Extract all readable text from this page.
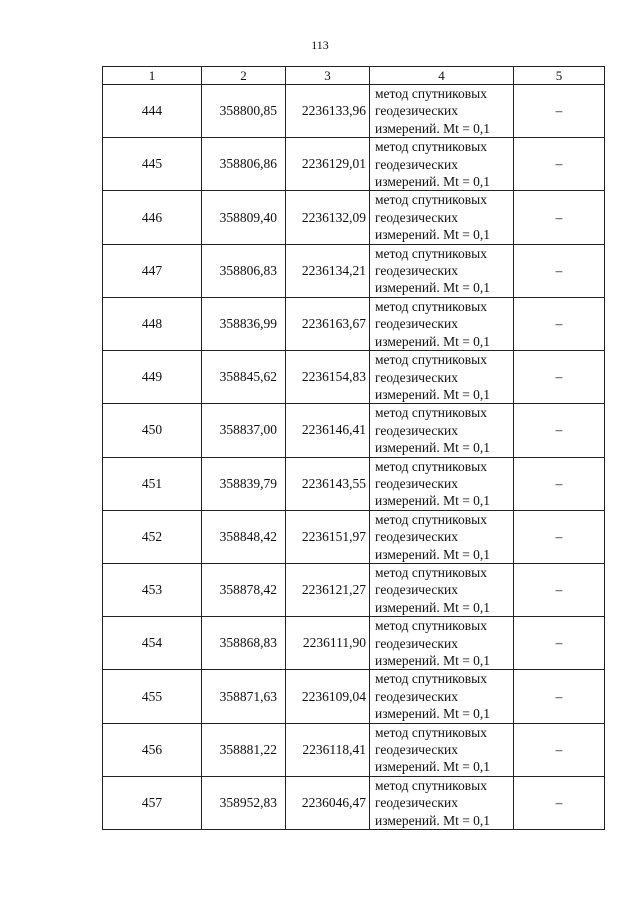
113
1	2	3	4	5
444	358800,85	2236133,96	метод спутниковых
геодезических
измерений. Mt = 0,1	–
445	358806,86	2236129,01	метод спутниковых
геодезических
измерений. Mt = 0,1	–
446	358809,40	2236132,09	метод спутниковых
геодезических
измерений. Mt = 0,1	–
447	358806,83	2236134,21	метод спутниковых
геодезических
измерений. Mt = 0,1	–
448	358836,99	2236163,67	метод спутниковых
геодезических
измерений. Mt = 0,1	–
449	358845,62	2236154,83	метод спутниковых
геодезических
измерений. Mt = 0,1	–
450	358837,00	2236146,41	метод спутниковых
геодезических
измерений. Mt = 0,1	–
451	358839,79	2236143,55	метод спутниковых
геодезических
измерений. Mt = 0,1	–
452	358848,42	2236151,97	метод спутниковых
геодезических
измерений. Mt = 0,1	–
453	358878,42	2236121,27	метод спутниковых
геодезических
измерений. Mt = 0,1	–
454	358868,83	2236111,90	метод спутниковых
геодезических
измерений. Mt = 0,1	–
455	358871,63	2236109,04	метод спутниковых
геодезических
измерений. Mt = 0,1	–
456	358881,22	2236118,41	метод спутниковых
геодезических
измерений. Mt = 0,1	–
457	358952,83	2236046,47	метод спутниковых
геодезических
измерений. Mt = 0,1	–
